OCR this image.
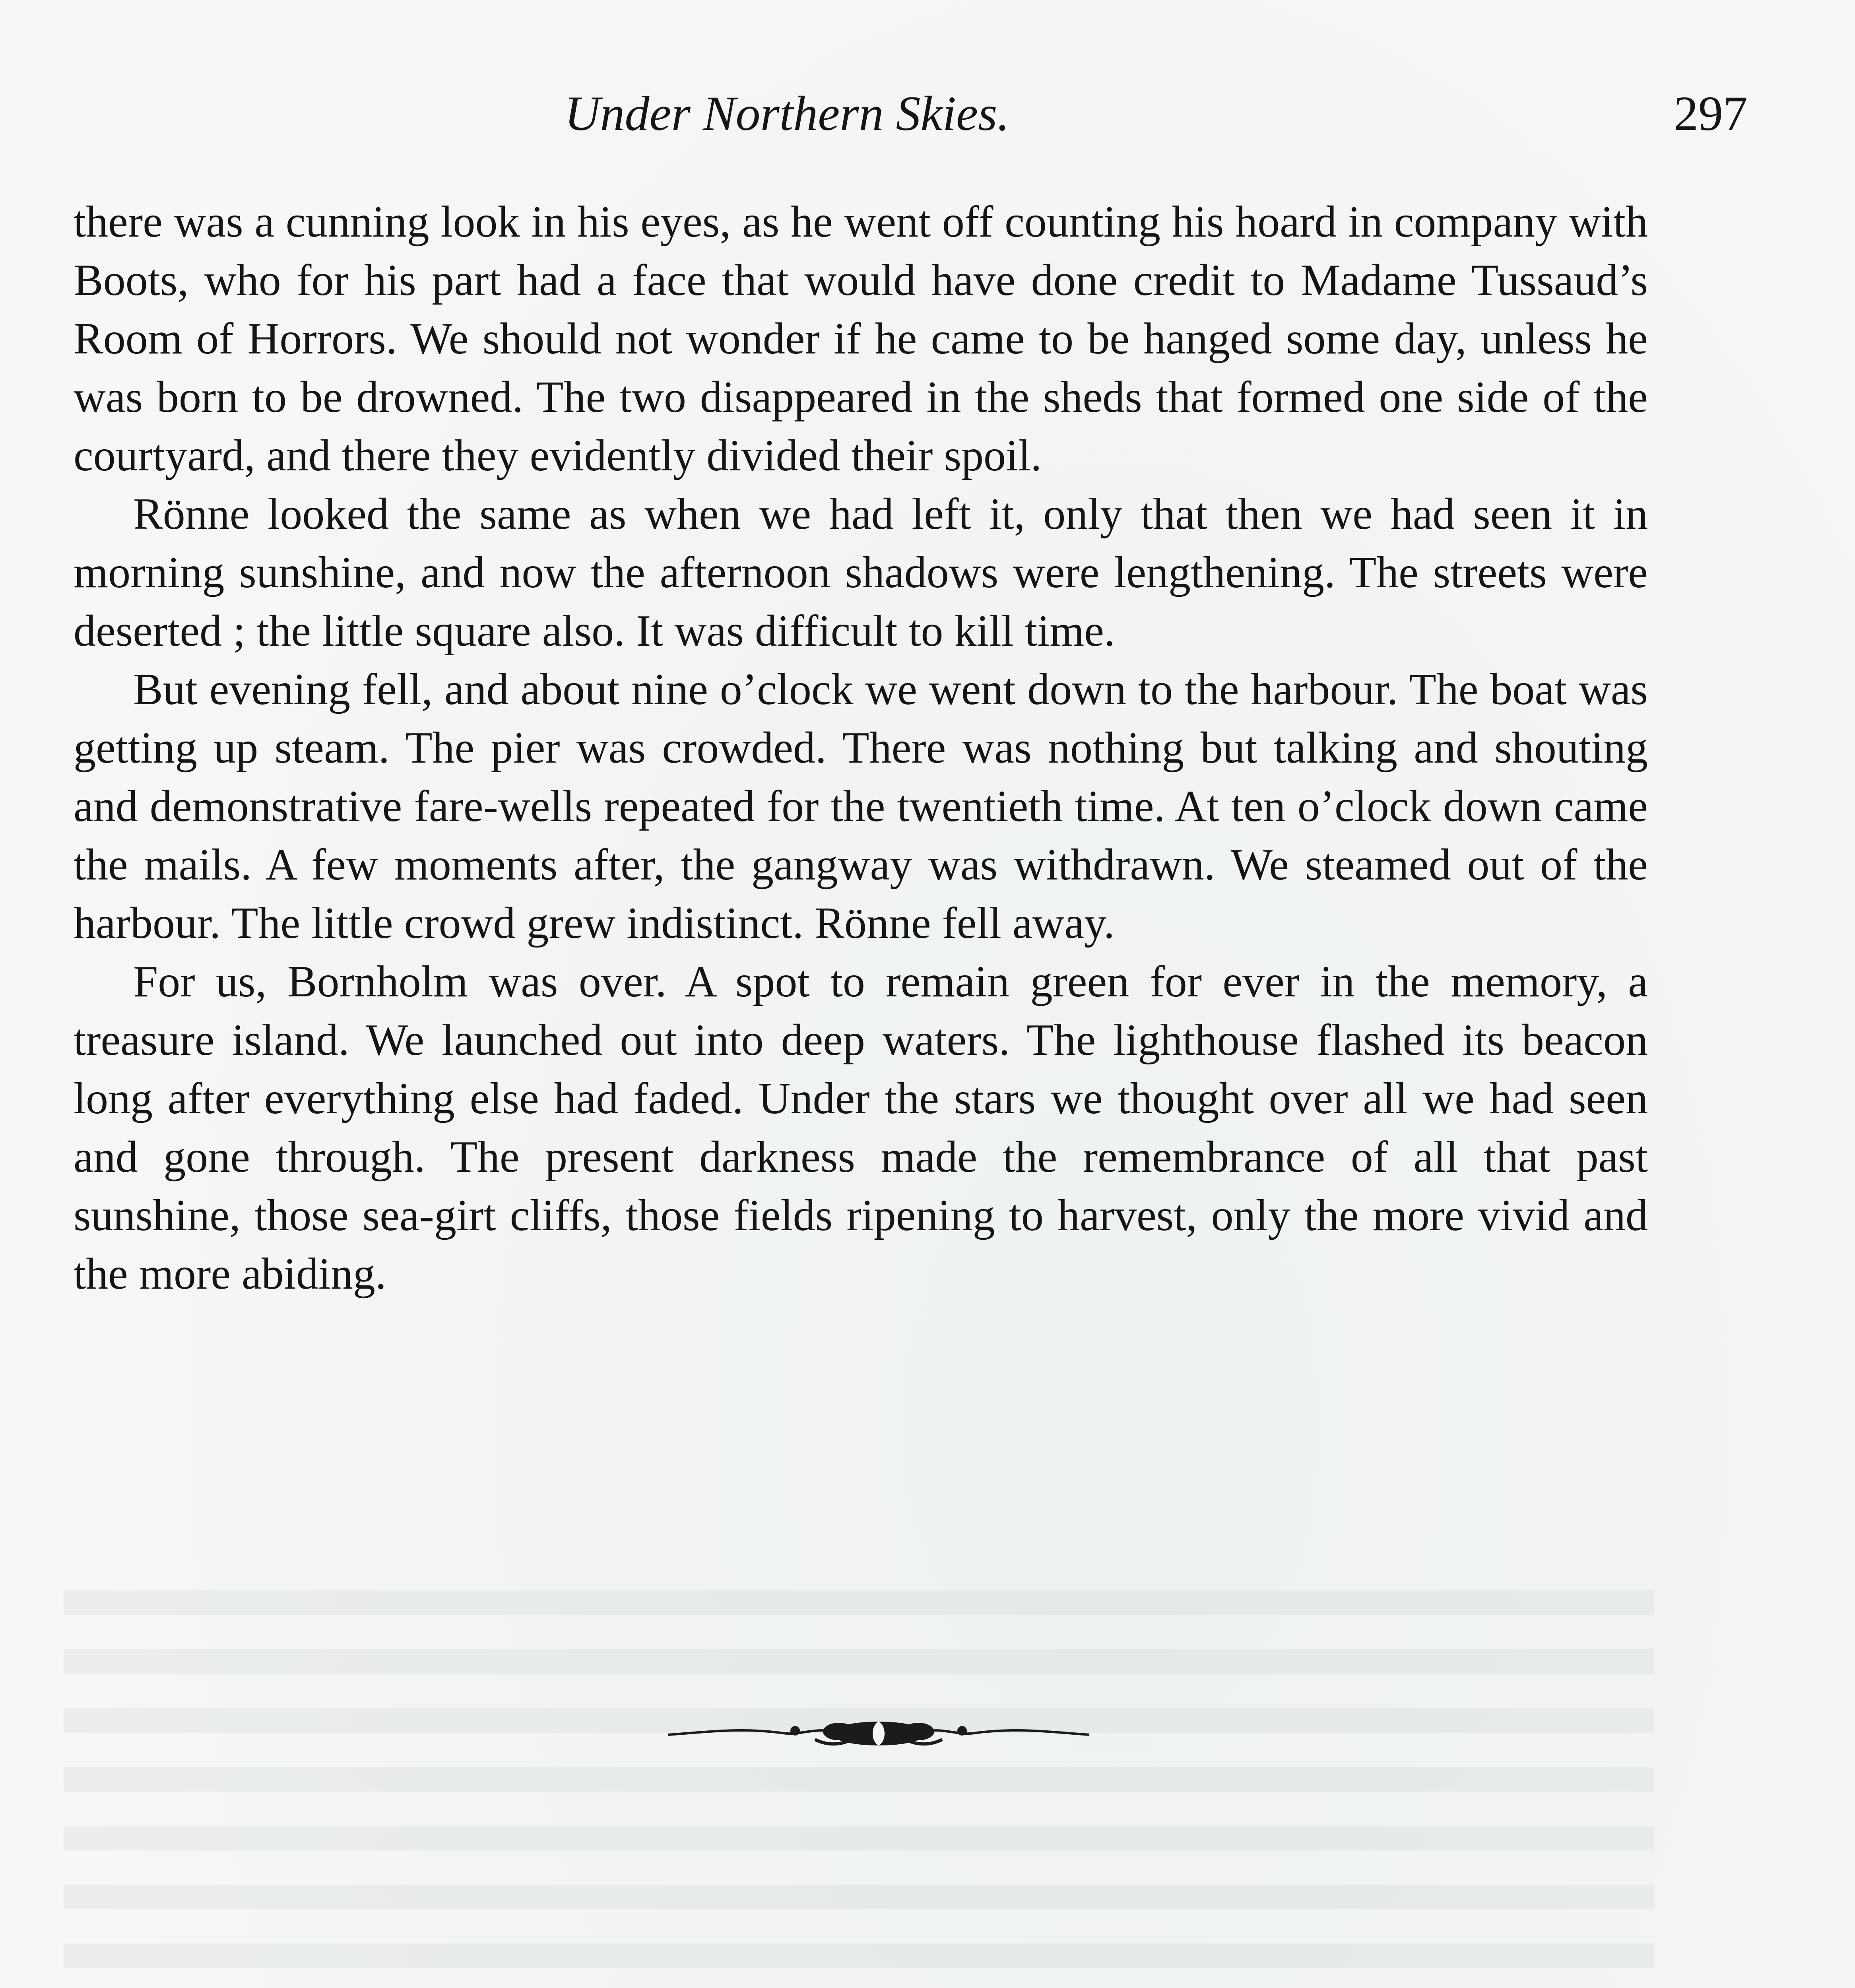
Under Northern Skies.	297

there was a cunning look in his eyes, as he went off counting his hoard in company with Boots, who for his part had a face that would have done credit to Madame Tussaud’s Room of Horrors. We should not wonder if he came to be hanged some day, unless he was born to be drowned. The two disappeared in the sheds that formed one side of the courtyard, and there they evidently divided their spoil.

Rönne looked the same as when we had left it, only that then we had seen it in morning sunshine, and now the afternoon shadows were lengthening. The streets were deserted ; the little square also. It was difficult to kill time.

But evening fell, and about nine o’clock we went down to the harbour. The boat was getting up steam. The pier was crowded. There was nothing but talking and shouting and demonstrative fare-wells repeated for the twentieth time. At ten o’clock down came the mails. A few moments after, the gangway was withdrawn. We steamed out of the harbour. The little crowd grew indistinct. Rönne fell away.

For us, Bornholm was over. A spot to remain green for ever in the memory, a treasure island. We launched out into deep waters. The lighthouse flashed its beacon long after everything else had faded. Under the stars we thought over all we had seen and gone through. The present darkness made the remembrance of all that past sunshine, those sea-girt cliffs, those fields ripening to harvest, only the more vivid and the more abiding.
